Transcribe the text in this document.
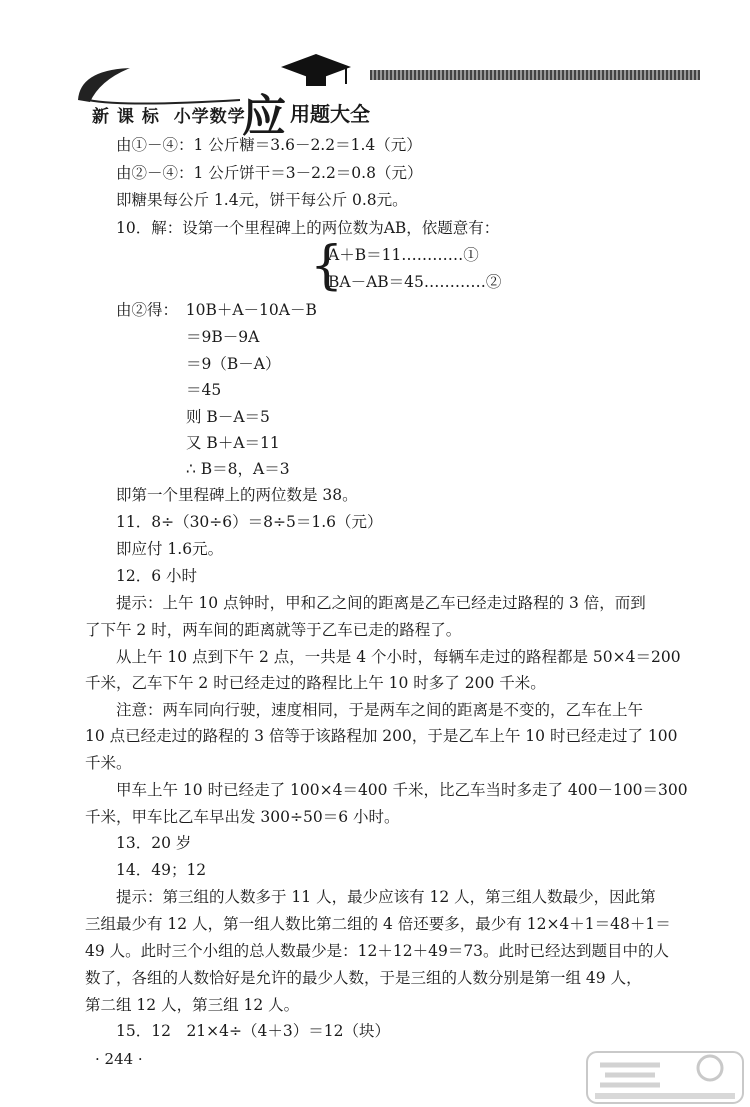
新 课 标 小学数学
应 用题大全
由①－④：1 公斤糖＝3.6－2.2＝1.4（元）
由②－④：1 公斤饼干＝3－2.2＝0.8（元）
即糖果每公斤 1.4元，饼干每公斤 0.8元。
10．解：设第一个里程碑上的两位数为AB，依题意有：
{
A＋B＝11…………①
BA－AB＝45…………②
由②得：　10B＋A－10A－B
＝9B－9A
＝9（B－A）
＝45
则 B－A＝5
又 B＋A＝11
∴ B＝8，A＝3
即第一个里程碑上的两位数是 38。
11．8÷（30÷6）＝8÷5＝1.6（元）
即应付 1.6元。
12．6 小时
提示：上午 10 点钟时，甲和乙之间的距离是乙车已经走过路程的 3 倍，而到
了下午 2 时，两车间的距离就等于乙车已走的路程了。
从上午 10 点到下午 2 点，一共是 4 个小时，每辆车走过的路程都是 50×4＝200
千米，乙车下午 2 时已经走过的路程比上午 10 时多了 200 千米。
注意：两车同向行驶，速度相同，于是两车之间的距离是不变的，乙车在上午
10 点已经走过的路程的 3 倍等于该路程加 200，于是乙车上午 10 时已经走过了 100
千米。
甲车上午 10 时已经走了 100×4＝400 千米，比乙车当时多走了 400－100＝300
千米，甲车比乙车早出发 300÷50＝6 小时。
13．20 岁
14．49；12
提示：第三组的人数多于 11 人，最少应该有 12 人，第三组人数最少，因此第
三组最少有 12 人，第一组人数比第二组的 4 倍还要多，最少有 12×4＋1＝48＋1＝
49 人。此时三个小组的总人数最少是：12＋12＋49＝73。此时已经达到题目中的人
数了，各组的人数恰好是允许的最少人数，于是三组的人数分别是第一组 49 人，
第二组 12 人，第三组 12 人。
15．12　21×4÷（4＋3）＝12（块）
· 244 ·
